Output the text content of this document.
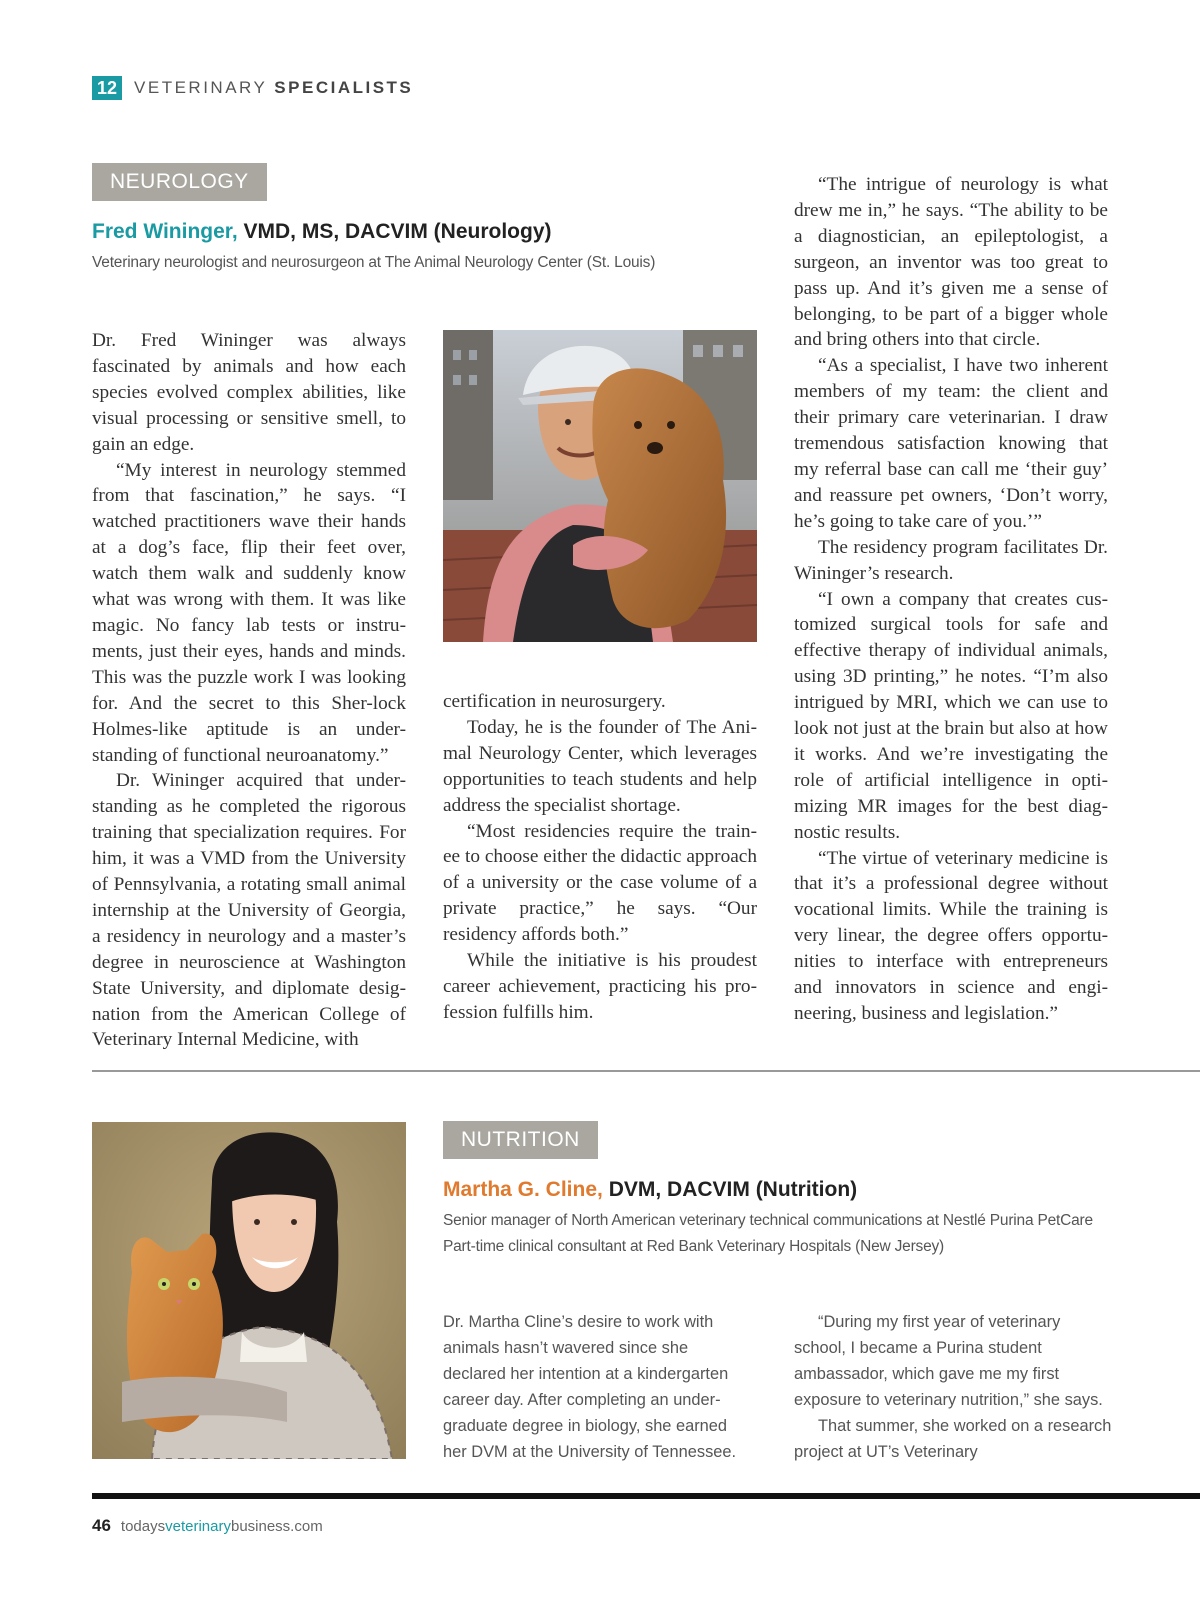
12 VETERINARY SPECIALISTS
NEUROLOGY
Fred Wininger, VMD, MS, DACVIM (Neurology)
Veterinary neurologist and neurosurgeon at The Animal Neurology Center (St. Louis)

Dr. Fred Wininger was always fascinated by animals and how each species evolved complex abilities, like visual processing or sensitive smell, to gain an edge.

“My interest in neurology stemmed from that fascination,” he says. “I watched practitioners wave their hands at a dog’s face, flip their feet over, watch them walk and suddenly know what was wrong with them. It was like magic. No fancy lab tests or instru-ments, just their eyes, hands and minds. This was the puzzle work I was looking for. And the secret to this Sher-lock Holmes-like aptitude is an under-standing of functional neuroanatomy.”

Dr. Wininger acquired that under-standing as he completed the rigorous training that specialization requires. For him, it was a VMD from the University of Pennsylvania, a rotating small animal internship at the University of Georgia, a residency in neurology and a master’s degree in neuroscience at Washington State University, and diplomate desig-nation from the American College of Veterinary Internal Medicine, with

certification in neurosurgery.

Today, he is the founder of The Ani-mal Neurology Center, which leverages opportunities to teach students and help address the specialist shortage.

“Most residencies require the train-ee to choose either the didactic approach of a university or the case volume of a private practice,” he says. “Our residency affords both.”

While the initiative is his proudest career achievement, practicing his pro-fession fulfills him.

“The intrigue of neurology is what drew me in,” he says. “The ability to be a diagnostician, an epileptologist, a surgeon, an inventor was too great to pass up. And it’s given me a sense of belonging, to be part of a bigger whole and bring others into that circle.

“As a specialist, I have two inherent members of my team: the client and their primary care veterinarian. I draw tremendous satisfaction knowing that my referral base can call me ‘their guy’ and reassure pet owners, ‘Don’t worry, he’s going to take care of you.’”

The residency program facilitates Dr. Wininger’s research.

“I own a company that creates cus-tomized surgical tools for safe and effective therapy of individual animals, using 3D printing,” he notes. “I’m also intrigued by MRI, which we can use to look not just at the brain but also at how it works. And we’re investigating the role of artificial intelligence in opti-mizing MR images for the best diag-nostic results.

“The virtue of veterinary medicine is that it’s a professional degree without vocational limits. While the training is very linear, the degree offers opportu-nities to interface with entrepreneurs and innovators in science and engi-neering, business and legislation.”

NUTRITION
Martha G. Cline, DVM, DACVIM (Nutrition)
Senior manager of North American veterinary technical communications at Nestlé Purina PetCare
Part-time clinical consultant at Red Bank Veterinary Hospitals (New Jersey)

Dr. Martha Cline’s desire to work with animals hasn’t wavered since she declared her intention at a kindergarten career day. After completing an under-graduate degree in biology, she earned her DVM at the University of Tennessee.

“During my first year of veterinary school, I became a Purina student ambassador, which gave me my first exposure to veterinary nutrition,” she says.

That summer, she worked on a research project at UT’s Veterinary

46 todaysveterinarybusiness.com
